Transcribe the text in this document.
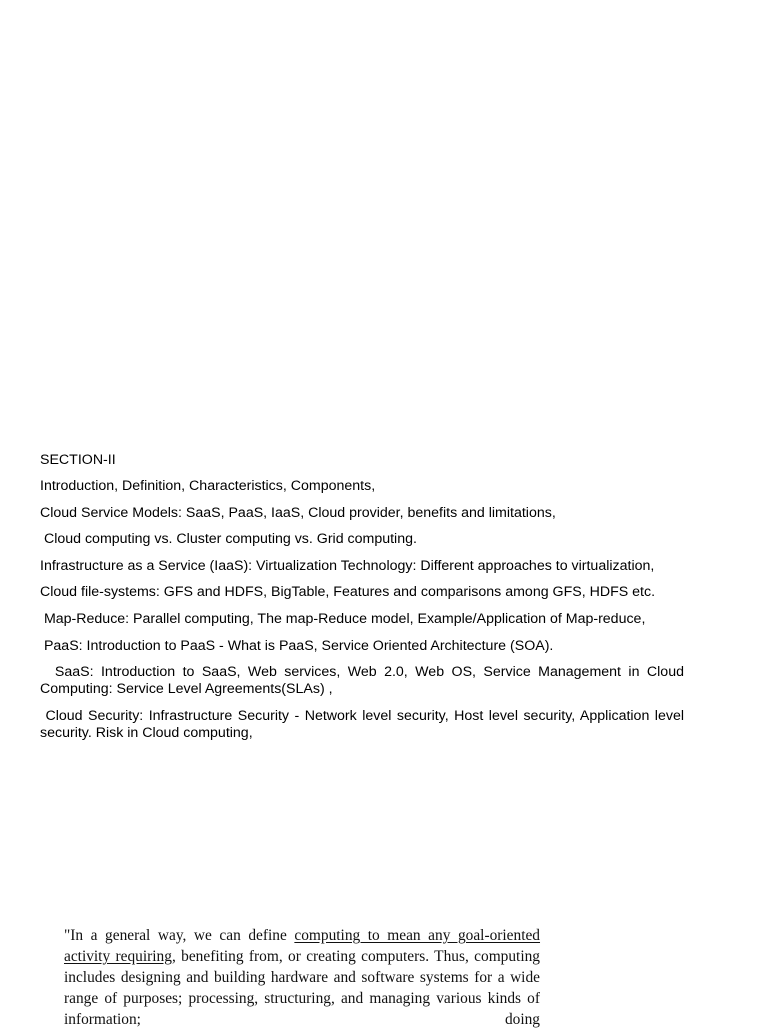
SECTION-II

Introduction, Definition, Characteristics, Components,

Cloud Service Models: SaaS, PaaS, IaaS, Cloud provider, benefits and limitations,

Cloud computing vs. Cluster computing vs. Grid computing.

Infrastructure as a Service (IaaS): Virtualization Technology: Different approaches to virtualization,

Cloud file-systems: GFS and HDFS, BigTable, Features and comparisons among GFS, HDFS etc.

Map-Reduce: Parallel computing, The map-Reduce model, Example/Application of Map-reduce,

PaaS: Introduction to PaaS - What is PaaS, Service Oriented Architecture (SOA).

SaaS: Introduction to SaaS, Web services, Web 2.0, Web OS, Service Management in Cloud Computing: Service Level Agreements(SLAs) ,

Cloud Security: Infrastructure Security - Network level security, Host level security, Application level security. Risk in Cloud computing,

"In a general way, we can define computing to mean any goal-oriented activity requiring, benefiting from, or creating computers. Thus, computing includes designing and building hardware and software systems for a wide range of purposes; processing, structuring, and managing various kinds of information; doing
